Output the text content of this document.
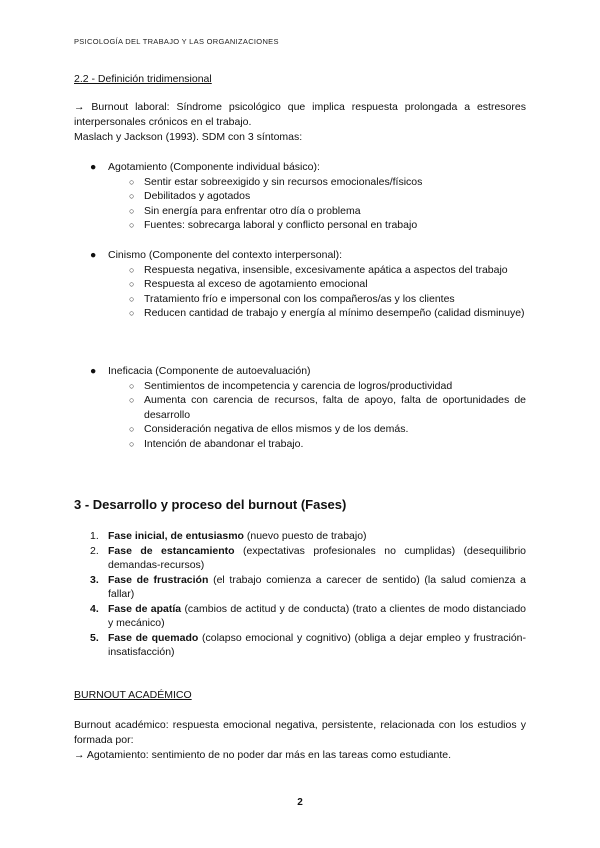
PSICOLOGÍA DEL TRABAJO Y LAS ORGANIZACIONES
2.2 - Definición tridimensional
→ Burnout laboral: Síndrome psicológico que implica respuesta prolongada a estresores interpersonales crónicos en el trabajo.
Maslach y Jackson (1993). SDM con 3 síntomas:
● Agotamiento (Componente individual básico):
○ Sentir estar sobreexigido y sin recursos emocionales/físicos
○ Debilitados y agotados
○ Sin energía para enfrentar otro día o problema
○ Fuentes: sobrecarga laboral y conflicto personal en trabajo
● Cinismo (Componente del contexto interpersonal):
○ Respuesta negativa, insensible, excesivamente apática a aspectos del trabajo
○ Respuesta al exceso de agotamiento emocional
○ Tratamiento frío e impersonal con los compañeros/as y los clientes
○ Reducen cantidad de trabajo y energía al mínimo desempeño (calidad disminuye)
● Ineficacia (Componente de autoevaluación)
○ Sentimientos de incompetencia y carencia de logros/productividad
○ Aumenta con carencia de recursos, falta de apoyo, falta de oportunidades de desarrollo
○ Consideración negativa de ellos mismos y de los demás.
○ Intención de abandonar el trabajo.
3 - Desarrollo y proceso del burnout (Fases)
1. Fase inicial, de entusiasmo (nuevo puesto de trabajo)
2. Fase de estancamiento (expectativas profesionales no cumplidas) (desequilibrio demandas-recursos)
3. Fase de frustración (el trabajo comienza a carecer de sentido) (la salud comienza a fallar)
4. Fase de apatía (cambios de actitud y de conducta) (trato a clientes de modo distanciado y mecánico)
5. Fase de quemado (colapso emocional y cognitivo) (obliga a dejar empleo y frustración-insatisfacción)
BURNOUT ACADÉMICO
Burnout académico: respuesta emocional negativa, persistente, relacionada con los estudios y formada por:
→ Agotamiento: sentimiento de no poder dar más en las tareas como estudiante.
2
